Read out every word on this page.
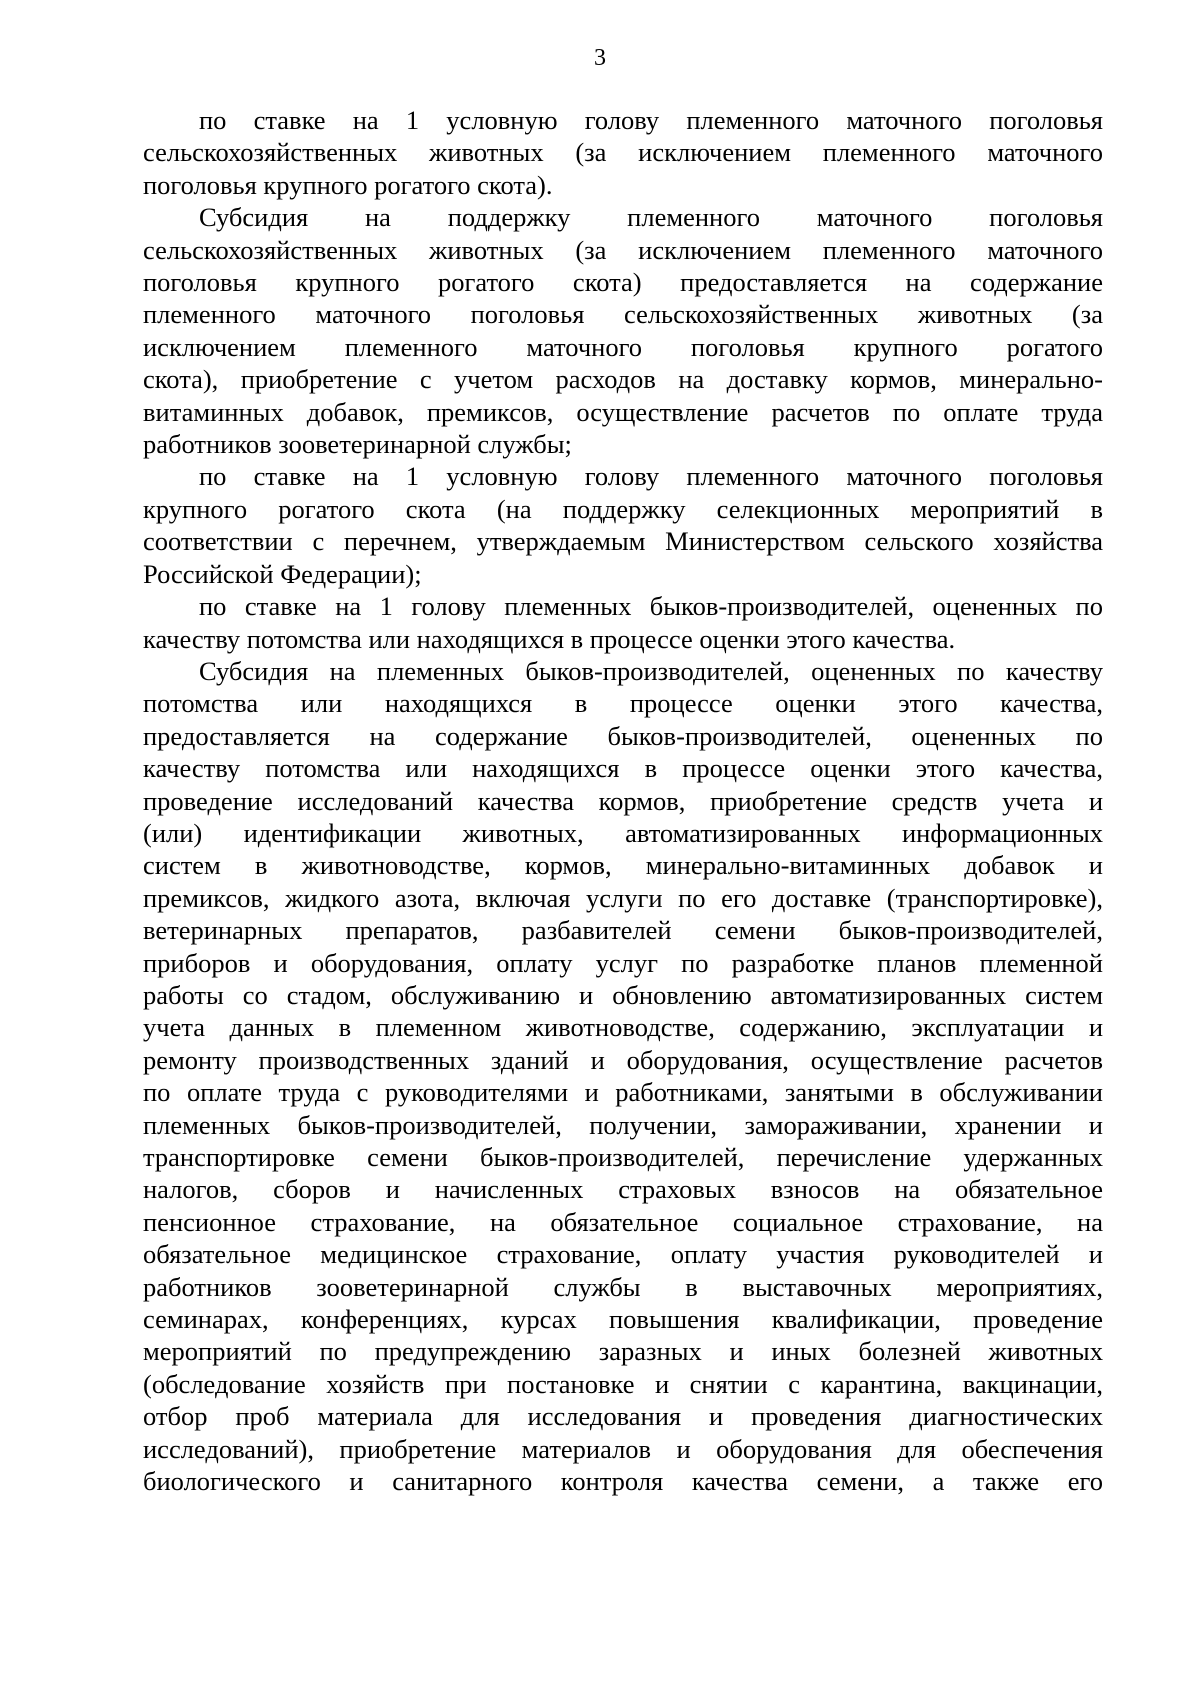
3
по ставке на 1 условную голову племенного маточного поголовья
сельскохозяйственных животных (за исключением племенного маточного
поголовья крупного рогатого скота).
Субсидия на поддержку племенного маточного поголовья
сельскохозяйственных животных (за исключением племенного маточного
поголовья крупного рогатого скота) предоставляется на содержание
племенного маточного поголовья сельскохозяйственных животных (за
исключением племенного маточного поголовья крупного рогатого
скота), приобретение с учетом расходов на доставку кормов, минерально-
витаминных добавок, премиксов, осуществление расчетов по оплате труда
работников зооветеринарной службы;
по ставке на 1 условную голову племенного маточного поголовья
крупного рогатого скота (на поддержку селекционных мероприятий в
соответствии с перечнем, утверждаемым Министерством сельского хозяйства
Российской Федерации);
по ставке на 1 голову племенных быков-производителей, оцененных по
качеству потомства или находящихся в процессе оценки этого качества.
Субсидия на племенных быков-производителей, оцененных по качеству
потомства или находящихся в процессе оценки этого качества,
предоставляется на содержание быков-производителей, оцененных по
качеству потомства или находящихся в процессе оценки этого качества,
проведение исследований качества кормов, приобретение средств учета и
(или) идентификации животных, автоматизированных информационных
систем в животноводстве, кормов, минерально-витаминных добавок и
премиксов, жидкого азота, включая услуги по его доставке (транспортировке),
ветеринарных препаратов, разбавителей семени быков-производителей,
приборов и оборудования, оплату услуг по разработке планов племенной
работы со стадом, обслуживанию и обновлению автоматизированных систем
учета данных в племенном животноводстве, содержанию, эксплуатации и
ремонту производственных зданий и оборудования, осуществление расчетов
по оплате труда с руководителями и работниками, занятыми в обслуживании
племенных быков-производителей, получении, замораживании, хранении и
транспортировке семени быков-производителей, перечисление удержанных
налогов, сборов и начисленных страховых взносов на обязательное
пенсионное страхование, на обязательное социальное страхование, на
обязательное медицинское страхование, оплату участия руководителей и
работников зооветеринарной службы в выставочных мероприятиях,
семинарах, конференциях, курсах повышения квалификации, проведение
мероприятий по предупреждению заразных и иных болезней животных
(обследование хозяйств при постановке и снятии с карантина, вакцинации,
отбор проб материала для исследования и проведения диагностических
исследований), приобретение материалов и оборудования для обеспечения
биологического и санитарного контроля качества семени, а также его
